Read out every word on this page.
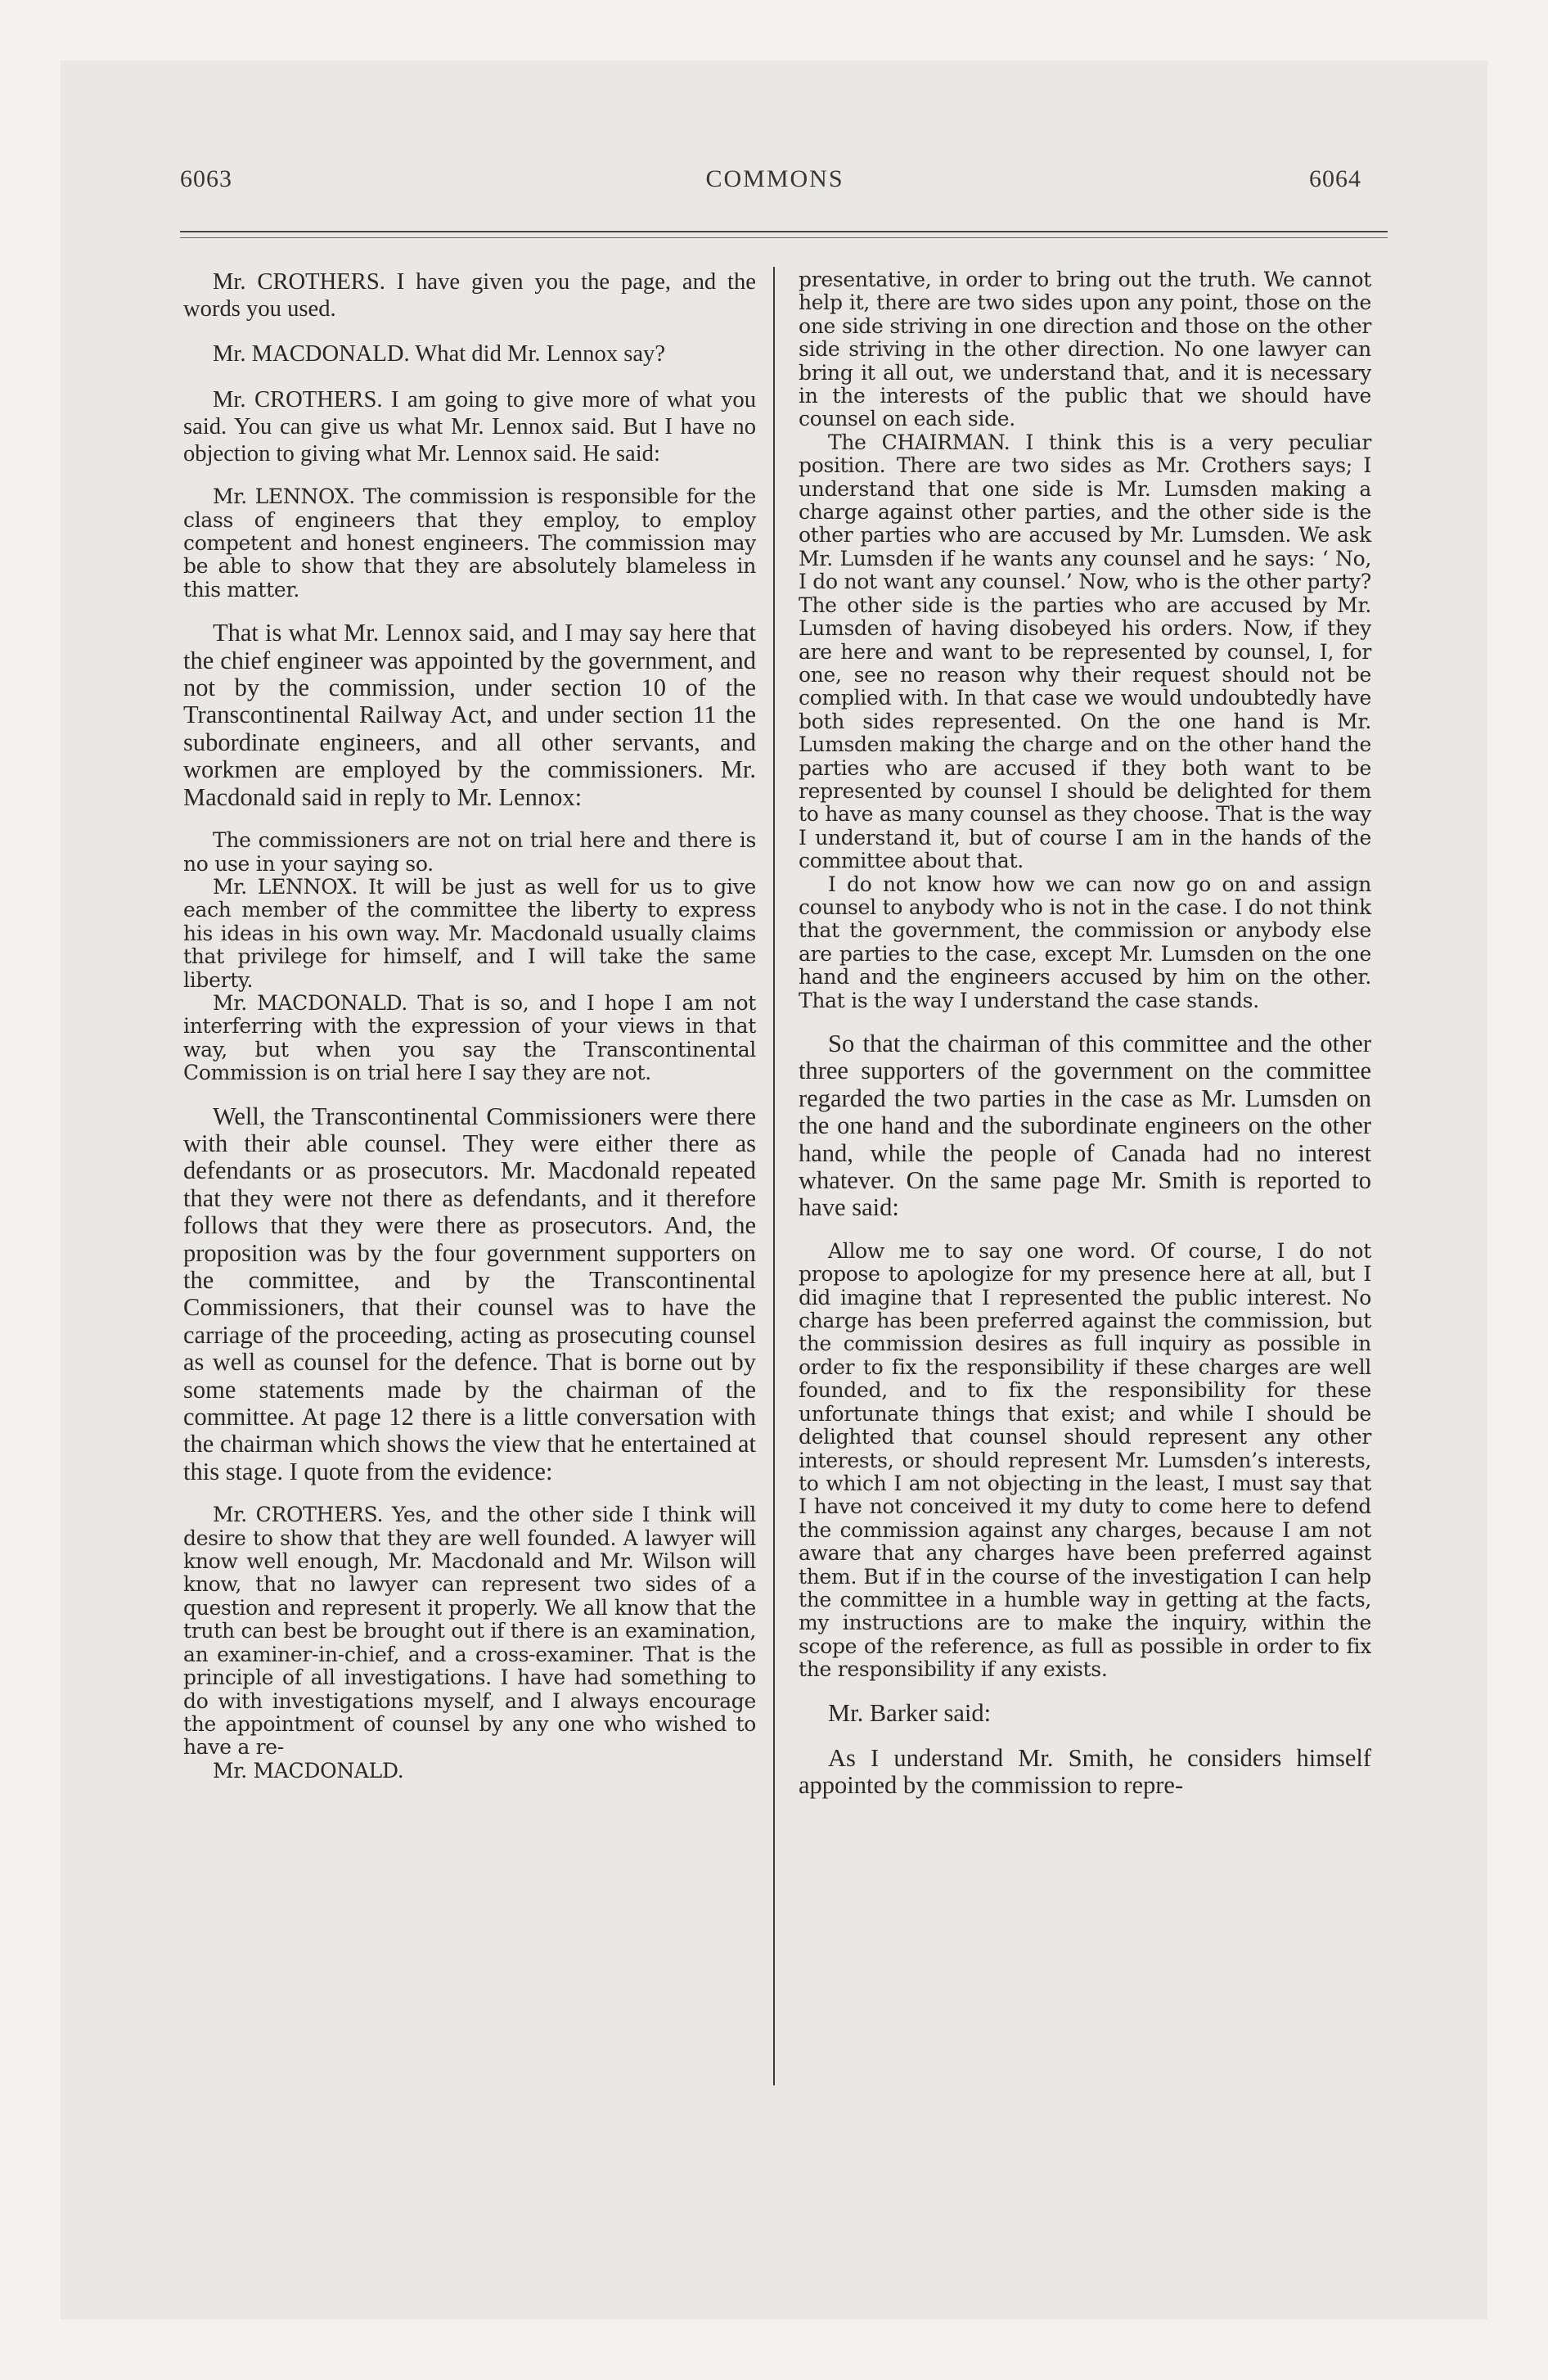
6063	COMMONS	6064

Mr. CROTHERS. I have given you the page, and the words you used.

Mr. MACDONALD. What did Mr. Lennox say?

Mr. CROTHERS. I am going to give more of what you said. You can give us what Mr. Lennox said. But I have no objection to giving what Mr. Lennox said. He said:

Mr. LENNOX. The commission is responsible for the class of engineers that they employ, to employ competent and honest engineers. The commission may be able to show that they are absolutely blameless in this matter.

That is what Mr. Lennox said, and I may say here that the chief engineer was appointed by the government, and not by the commission, under section 10 of the Transcontinental Railway Act, and under section 11 the subordinate engineers, and all other servants, and workmen are employed by the commissioners. Mr. Macdonald said in reply to Mr. Lennox:

The commissioners are not on trial here and there is no use in your saying so.

Mr. LENNOX. It will be just as well for us to give each member of the committee the liberty to express his ideas in his own way. Mr. Macdonald usually claims that privilege for himself, and I will take the same liberty.

Mr. MACDONALD. That is so, and I hope I am not interferring with the expression of your views in that way, but when you say the Transcontinental Commission is on trial here I say they are not.

Well, the Transcontinental Commissioners were there with their able counsel. They were either there as defendants or as prosecutors. Mr. Macdonald repeated that they were not there as defendants, and it therefore follows that they were there as prosecutors. And, the proposition was by the four government supporters on the committee, and by the Transcontinental Commissioners, that their counsel was to have the carriage of the proceeding, acting as prosecuting counsel as well as counsel for the defence. That is borne out by some statements made by the chairman of the committee. At page 12 there is a little conversation with the chairman which shows the view that he entertained at this stage. I quote from the evidence:

Mr. CROTHERS. Yes, and the other side I think will desire to show that they are well founded. A lawyer will know well enough, Mr. Macdonald and Mr. Wilson will know, that no lawyer can represent two sides of a question and represent it properly. We all know that the truth can best be brought out if there is an examination, an examiner-in-chief, and a cross-examiner. That is the principle of all investigations. I have had something to do with investigations myself, and I always encourage the appointment of counsel by any one who wished to have a re-

Mr. MACDONALD.

presentative, in order to bring out the truth. We cannot help it, there are two sides upon any point, those on the one side striving in one direction and those on the other side striving in the other direction. No one lawyer can bring it all out, we understand that, and it is necessary in the interests of the public that we should have counsel on each side.

The CHAIRMAN. I think this is a very peculiar position. There are two sides as Mr. Crothers says; I understand that one side is Mr. Lumsden making a charge against other parties, and the other side is the other parties who are accused by Mr. Lumsden. We ask Mr. Lumsden if he wants any counsel and he says: ‘ No, I do not want any counsel.’ Now, who is the other party? The other side is the parties who are accused by Mr. Lumsden of having disobeyed his orders. Now, if they are here and want to be represented by counsel, I, for one, see no reason why their request should not be complied with. In that case we would undoubtedly have both sides represented. On the one hand is Mr. Lumsden making the charge and on the other hand the parties who are accused if they both want to be represented by counsel I should be delighted for them to have as many counsel as they choose. That is the way I understand it, but of course I am in the hands of the committee about that.

I do not know how we can now go on and assign counsel to anybody who is not in the case. I do not think that the government, the commission or anybody else are parties to the case, except Mr. Lumsden on the one hand and the engineers accused by him on the other. That is the way I understand the case stands.

So that the chairman of this committee and the other three supporters of the government on the committee regarded the two parties in the case as Mr. Lumsden on the one hand and the subordinate engineers on the other hand, while the people of Canada had no interest whatever. On the same page Mr. Smith is reported to have said:

Allow me to say one word. Of course, I do not propose to apologize for my presence here at all, but I did imagine that I represented the public interest. No charge has been preferred against the commission, but the commission desires as full inquiry as possible in order to fix the responsibility if these charges are well founded, and to fix the responsibility for these unfortunate things that exist; and while I should be delighted that counsel should represent any other interests, or should represent Mr. Lumsden’s interests, to which I am not objecting in the least, I must say that I have not conceived it my duty to come here to defend the commission against any charges, because I am not aware that any charges have been preferred against them. But if in the course of the investigation I can help the committee in a humble way in getting at the facts, my instructions are to make the inquiry, within the scope of the reference, as full as possible in order to fix the responsibility if any exists.

Mr. Barker said:

As I understand Mr. Smith, he considers himself appointed by the commission to repre-
